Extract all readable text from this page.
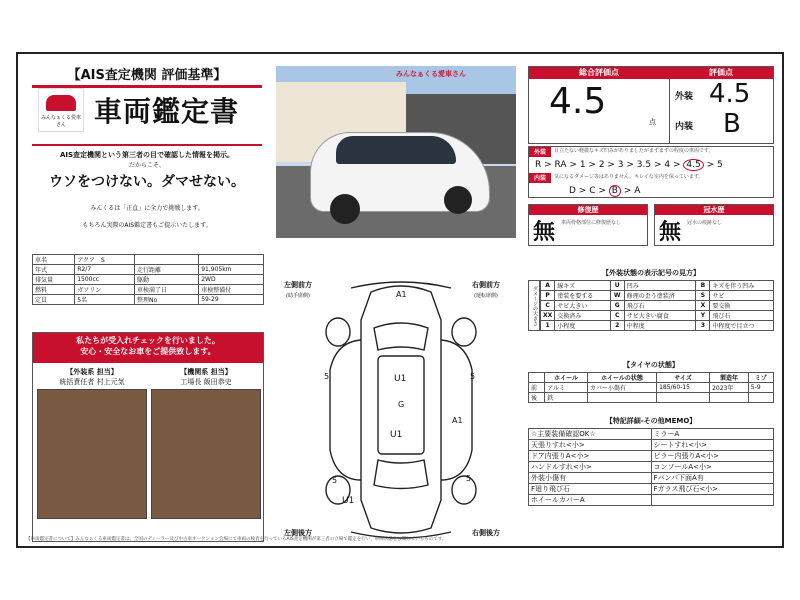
【AIS査定機関 評価基準】
みんなぁくる愛車さん	車両鑑定書
AIS査定機関という第三者の目で確認した情報を掲示。
だからこそ、
ウソをつけない。ダマせない。
みんくるは「正直」に全力で挑戦します。
もちろん実際のAIS鑑定書もご提示いたします。
みんなぁくる愛車さん	総合評価点	評価点
4.5	点
外装 4.5
内装 B
外装	目立たない軽微なキズ凹みがありましたがまずまずの程度の車両です。
R > RA > 1 > 2 > 3 > 3.5 > 4 > 4.5 > 5
内装	気になるダメージ等はありません。キレイな室内を保っています。
D > C > B > A
修復歴
無	車両骨格部位に修復歴なし
冠水歴
無	冠水の痕跡なし
車名	アクア　S		
年式	R2/7	走行距離	91,905km
排気量	1500cc	駆動	2WD
燃料	ガソリン	車検満了日	車検整備付
定員	5名	整理No	59-29
私たちが受入れチェックを行いました。
安心・安全なお車をご提供致します。
【外装系 担当】
統括責任者 村上元気
【機関系 担当】
工場長 飯田恭史
左側前方
(助手席側)
右側前方
(運転席側)
左側後方	右側後方
A1
5	5
U1
G
U1
A1
5
U1
5
【外装状態の表示記号の見方】
ダメージの大きさ	A	線キズ	U	凹み	B	キズを伴う凹み
P	塗装を要する	W	修理の歪う塗装済	S	サビ
C	サビ大きい	G	飛び石	X	要交換
XX	交換済み	C	サビ大きい腐食	Y	飛び石
1	小程度	2	中程度	3	中程度で目立つ
【タイヤの状態】
	ホイール	ホイールの状態	サイズ	製造年	ミゾ
前	アルミ	カバー小傷有	185/60-15	2023年	5-9
後	鉄				
【特記詳細-その他MEMO】
☆主要装備確認OK☆	ミラーA
天張りすれ<小>	シートすれ<小>
ドア内張りA<小>	ピラー内張りA<小>
ハンドルすれ<小>	コンソールA<小>
外装小傷有	Fバンパ下面A有
F廻り飛び石	Fガラス飛び石<小>
ホイールカバーA	
【車両鑑定書について】みんなぁくる車両鑑定書は、全国のディーラー及び中古車オークション会場にて車両の検査を行っているAIS査定機関が第三者の立場で鑑定を行い、車両状態を公開しているものです。
